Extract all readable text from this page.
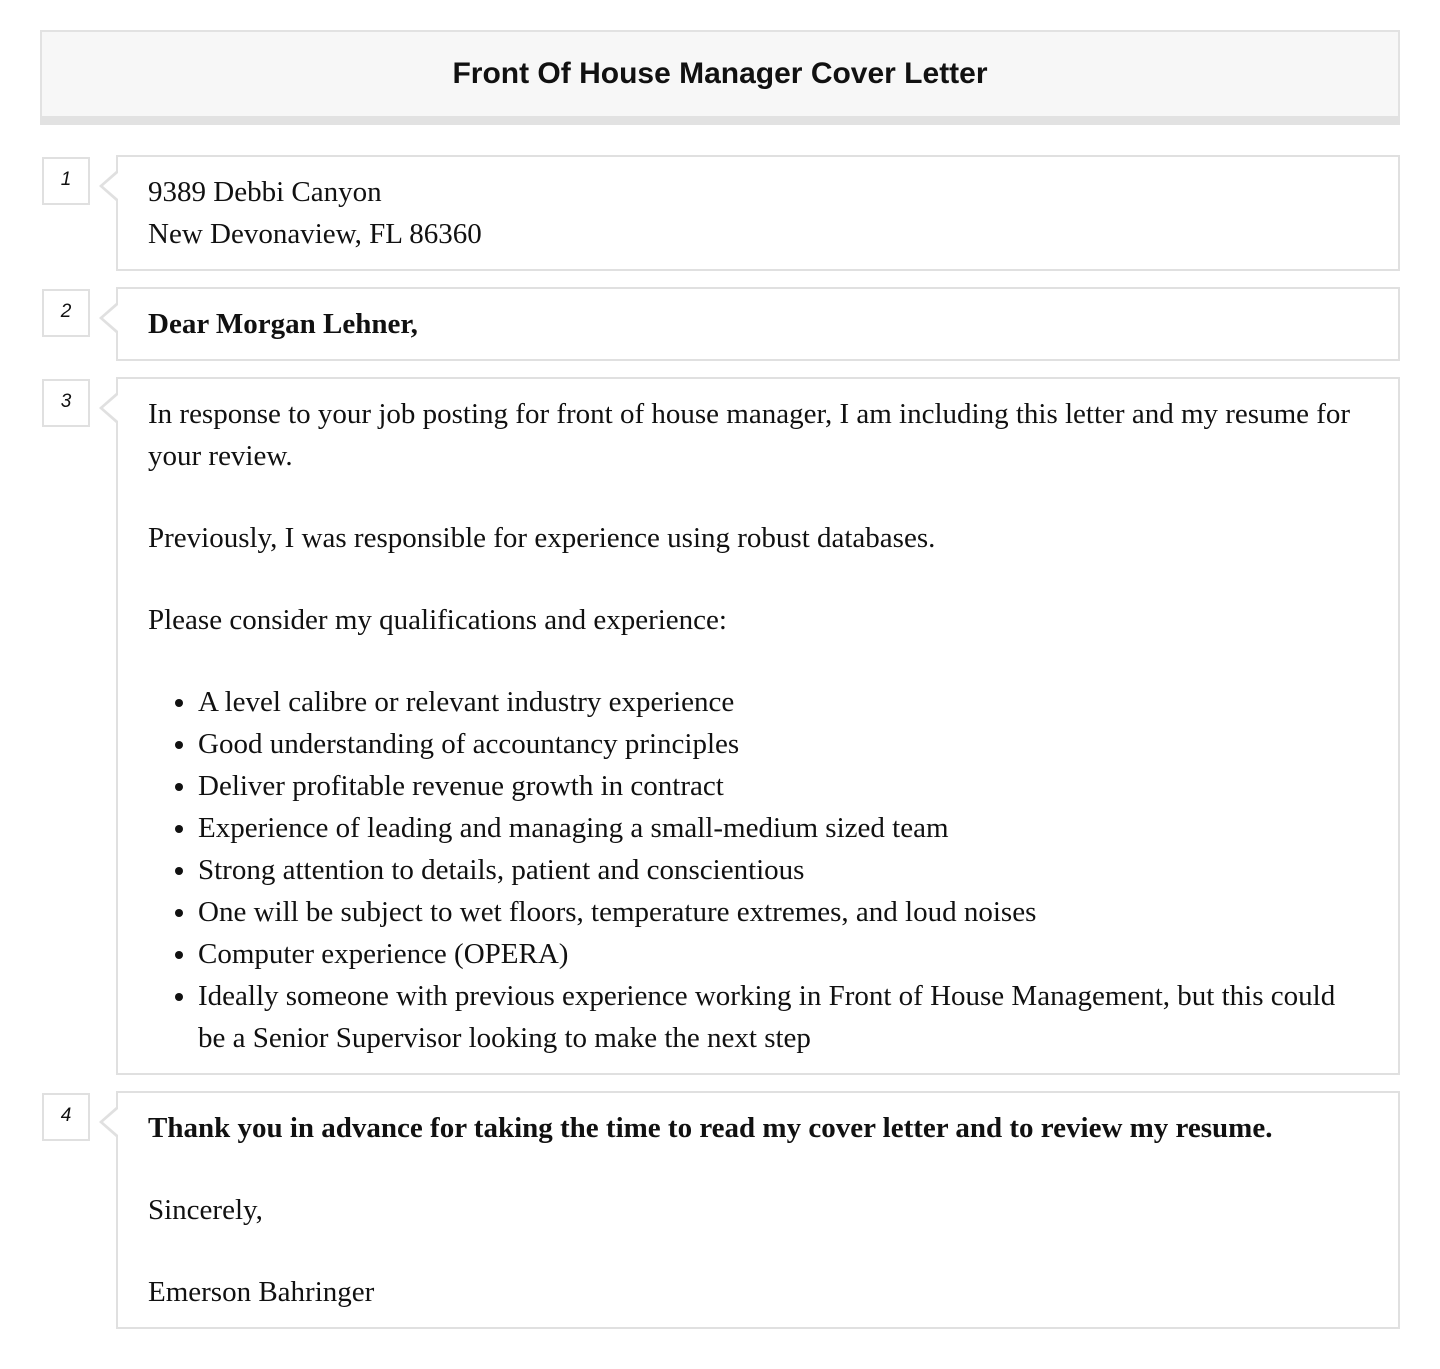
Front Of House Manager Cover Letter
1	9389 Debbi Canyon

New Devonaview, FL 86360

2	Dear Morgan Lehner,

3	In response to your job posting for front of house manager, I am including this letter and my resume for your review.

Previously, I was responsible for experience using robust databases.

Please consider my qualifications and experience:

A level calibre or relevant industry experience
Good understanding of accountancy principles
Deliver profitable revenue growth in contract
Experience of leading and managing a small-medium sized team
Strong attention to details, patient and conscientious
One will be subject to wet floors, temperature extremes, and loud noises
Computer experience (OPERA)
Ideally someone with previous experience working in Front of House Management, but this could be a Senior Supervisor looking to make the next step
4	Thank you in advance for taking the time to read my cover letter and to review my resume.

Sincerely,

Emerson Bahringer
